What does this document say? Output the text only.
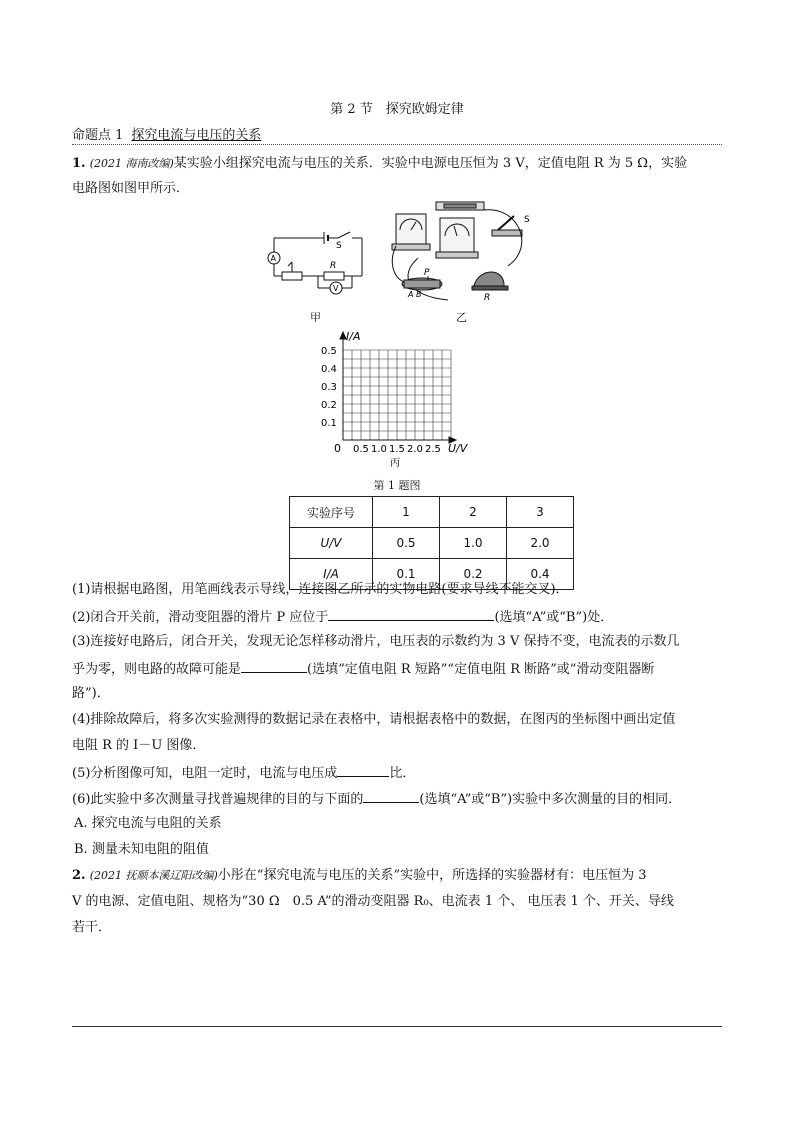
第 2 节　探究欧姆定律
命题点 1 探究电流与电压的关系
1. (2021 海南改编)某实验小组探究电流与电压的关系．实验中电源电压恒为 3 V，定值电阻 R 为 5 Ω，实验
电路图如图甲所示．
A
V
R
S
S
P
A B	R
甲	乙
I/A
U/V
0
0.5
0.4
0.3
0.2
0.1
0.5 1.0 1.5 2.0 2.5
丙
第 1 题图
实验序号	1	2	3
U/V	0.5	1.0	2.0
I/A	0.1	0.2	0.4
(1)请根据电路图，用笔画线表示导线，连接图乙所示的实物电路(要求导线不能交叉)．
(2)闭合开关前，滑动变阻器的滑片 P 应位于	(选填“A”或“B”)处．
(3)连接好电路后，闭合开关，发现无论怎样移动滑片，电压表的示数约为 3 V 保持不变，电流表的示数几
乎为零，则电路的故障可能是	(选填“定值电阻 R 短路”“定值电阻 R 断路”或“滑动变阻器断
路”)．
(4)排除故障后，将多次实验测得的数据记录在表格中，请根据表格中的数据，在图丙的坐标图中画出定值
电阻 R 的 I－U 图像．
(5)分析图像可知，电阻一定时，电流与电压成	比．
(6)此实验中多次测量寻找普遍规律的目的与下面的	(选填“A”或“B”)实验中多次测量的目的相同．
A. 探究电流与电阻的关系
B. 测量未知电阻的阻值
2. (2021 抚顺本溪辽阳改编)小彤在“探究电流与电压的关系”实验中，所选择的实验器材有：电压恒为 3
V 的电源、定值电阻、规格为“30 Ω　0.5 A”的滑动变阻器 R₀、电流表 1 个、 电压表 1 个、开关、导线
若干．
